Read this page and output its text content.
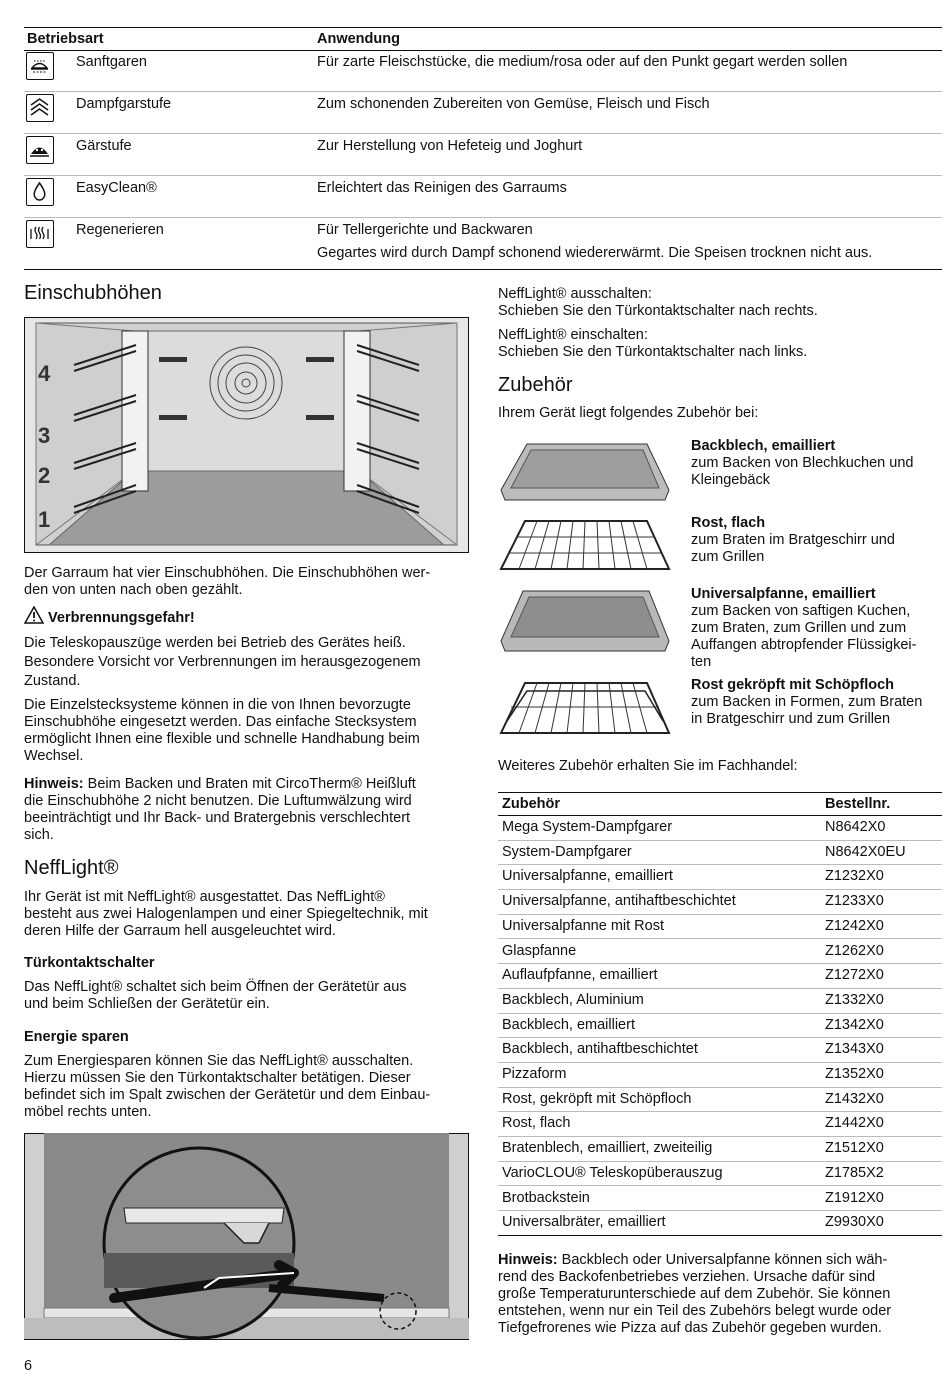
Betriebsart	Anwendung
Sanftgaren	Für zarte Fleischstücke, die medium/rosa oder auf den Punkt gegart werden sollen
Dampfgarstufe	Zum schonenden Zubereiten von Gemüse, Fleisch und Fisch
Gärstufe	Zur Herstellung von Hefeteig und Joghurt
EasyClean®	Erleichtert das Reinigen des Garraums
Regenerieren	Für Tellergerichte und Backwaren
Gegartes wird durch Dampf schonend wiedererwärmt. Die Speisen trocknen nicht aus.
Einschubhöhen
4
3
2
1

Der Garraum hat vier Einschubhöhen. Die Einschubhöhen wer-
den von unten nach oben gezählt.

Verbrennungsgefahr!

Die Teleskopauszüge werden bei Betrieb des Gerätes heiß.
Besondere Vorsicht vor Verbrennungen im herausgezogenem
Zustand.

Die Einzelstecksysteme können in die von Ihnen bevorzugte
Einschubhöhe eingesetzt werden. Das einfache Stecksystem
ermöglicht Ihnen eine flexible und schnelle Handhabung beim
Wechsel.

Hinweis: Beim Backen und Braten mit CircoTherm® Heißluft
die Einschubhöhe 2 nicht benutzen. Die Luftumwälzung wird
beeinträchtigt und Ihr Back- und Bratergebnis verschlechtert
sich.

NeffLight®

Ihr Gerät ist mit NeffLight® ausgestattet. Das NeffLight®
besteht aus zwei Halogenlampen und einer Spiegeltechnik, mit
deren Hilfe der Garraum hell ausgeleuchtet wird.

Türkontaktschalter

Das NeffLight® schaltet sich beim Öffnen der Gerätetür aus
und beim Schließen der Gerätetür ein.

Energie sparen

Zum Energiesparen können Sie das NeffLight® ausschalten.
Hierzu müssen Sie den Türkontaktschalter betätigen. Dieser
befindet sich im Spalt zwischen der Gerätetür und dem Einbau-
möbel rechts unten.

NeffLight® ausschalten:
Schieben Sie den Türkontaktschalter nach rechts.

NeffLight® einschalten:
Schieben Sie den Türkontaktschalter nach links.

Zubehör

Ihrem Gerät liegt folgendes Zubehör bei:

Backblech, emailliert
zum Backen von Blechkuchen und
Kleingebäck
Rost, flach
zum Braten im Bratgeschirr und
zum Grillen
Universalpfanne, emailliert
zum Backen von saftigen Kuchen,
zum Braten, zum Grillen und zum
Auffangen abtropfender Flüssigkei-
ten
Rost gekröpft mit Schöpfloch
zum Backen in Formen, zum Braten
in Bratgeschirr und zum Grillen

Weiteres Zubehör erhalten Sie im Fachhandel:

Zubehör	Bestellnr.
Mega System-Dampfgarer	N8642X0
System-Dampfgarer	N8642X0EU
Universalpfanne, emailliert	Z1232X0
Universalpfanne, antihaftbeschichtet	Z1233X0
Universalpfanne mit Rost	Z1242X0
Glaspfanne	Z1262X0
Auflaufpfanne, emailliert	Z1272X0
Backblech, Aluminium	Z1332X0
Backblech, emailliert	Z1342X0
Backblech, antihaftbeschichtet	Z1343X0
Pizzaform	Z1352X0
Rost, gekröpft mit Schöpfloch	Z1432X0
Rost, flach	Z1442X0
Bratenblech, emailliert, zweiteilig	Z1512X0
VarioCLOU® Teleskopüberauszug	Z1785X2
Brotbackstein	Z1912X0
Universalbräter, emailliert	Z9930X0

Hinweis: Backblech oder Universalpfanne können sich wäh-
rend des Backofenbetriebes verziehen. Ursache dafür sind
große Temperaturunterschiede auf dem Zubehör. Sie können
entstehen, wenn nur ein Teil des Zubehörs belegt wurde oder
Tiefgefrorenes wie Pizza auf das Zubehör gegeben wurden.

6
